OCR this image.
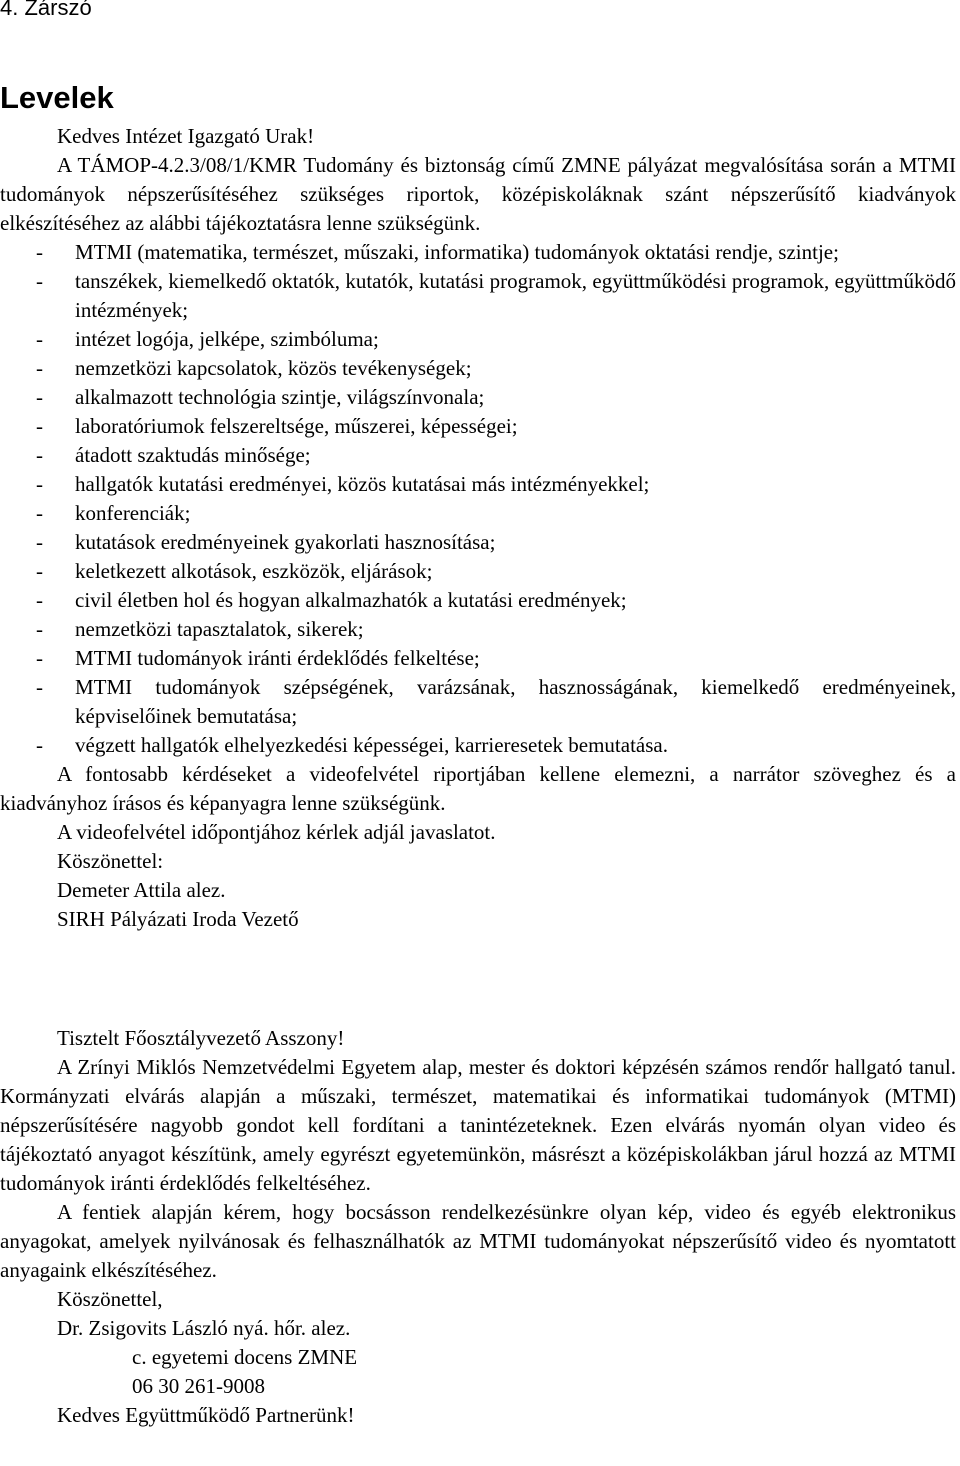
4. Zárszó
Levelek

Kedves Intézet Igazgató Urak!

A TÁMOP-4.2.3/08/1/KMR Tudomány és biztonság című ZMNE pályázat megvalósítása során a MTMI tudományok népszerűsítéséhez szükséges riportok, középiskoláknak szánt népszerűsítő kiadványok elkészítéséhez az alábbi tájékoztatásra lenne szükségünk.

- MTMI (matematika, természet, műszaki, informatika) tudományok oktatási rendje, szintje;
- tanszékek, kiemelkedő oktatók, kutatók, kutatási programok, együttműködési programok, együttműködő intézmények;
- intézet logója, jelképe, szimbóluma;
- nemzetközi kapcsolatok, közös tevékenységek;
- alkalmazott technológia szintje, világszínvonala;
- laboratóriumok felszereltsége, műszerei, képességei;
- átadott szaktudás minősége;
- hallgatók kutatási eredményei, közös kutatásai más intézményekkel;
- konferenciák;
- kutatások eredményeinek gyakorlati hasznosítása;
- keletkezett alkotások, eszközök, eljárások;
- civil életben hol és hogyan alkalmazhatók a kutatási eredmények;
- nemzetközi tapasztalatok, sikerek;
- MTMI tudományok iránti érdeklődés felkeltése;
- MTMI tudományok szépségének, varázsának, hasznosságának, kiemelkedő eredményeinek, képviselőinek bemutatása;
- végzett hallgatók elhelyezkedési képességei, karrieresetek bemutatása.

A fontosabb kérdéseket a videofelvétel riportjában kellene elemezni, a narrátor szöveghez és a kiadványhoz írásos és képanyagra lenne szükségünk.

A videofelvétel időpontjához kérlek adjál javaslatot.

Köszönettel:

Demeter Attila alez.

SIRH Pályázati Iroda Vezető

Tisztelt Főosztályvezető Asszony!

A Zrínyi Miklós Nemzetvédelmi Egyetem alap, mester és doktori képzésén számos rendőr hallgató tanul. Kormányzati elvárás alapján a műszaki, természet, matematikai és informatikai tudományok (MTMI) népszerűsítésére nagyobb gondot kell fordítani a tanintézeteknek. Ezen elvárás nyomán olyan video és tájékoztató anyagot készítünk, amely egyrészt egyetemünkön, másrészt a középiskolákban járul hozzá az MTMI tudományok iránti érdeklődés felkeltéséhez.

A fentiek alapján kérem, hogy bocsásson rendelkezésünkre olyan kép, video és egyéb elektronikus anyagokat, amelyek nyilvánosak és felhasználhatók az MTMI tudományokat népszerűsítő video és nyomtatott anyagaink elkészítéséhez.

Köszönettel,

Dr. Zsigovits László nyá. hőr. alez.

c. egyetemi docens ZMNE

06 30 261-9008

Kedves Együttműködő Partnerünk!
